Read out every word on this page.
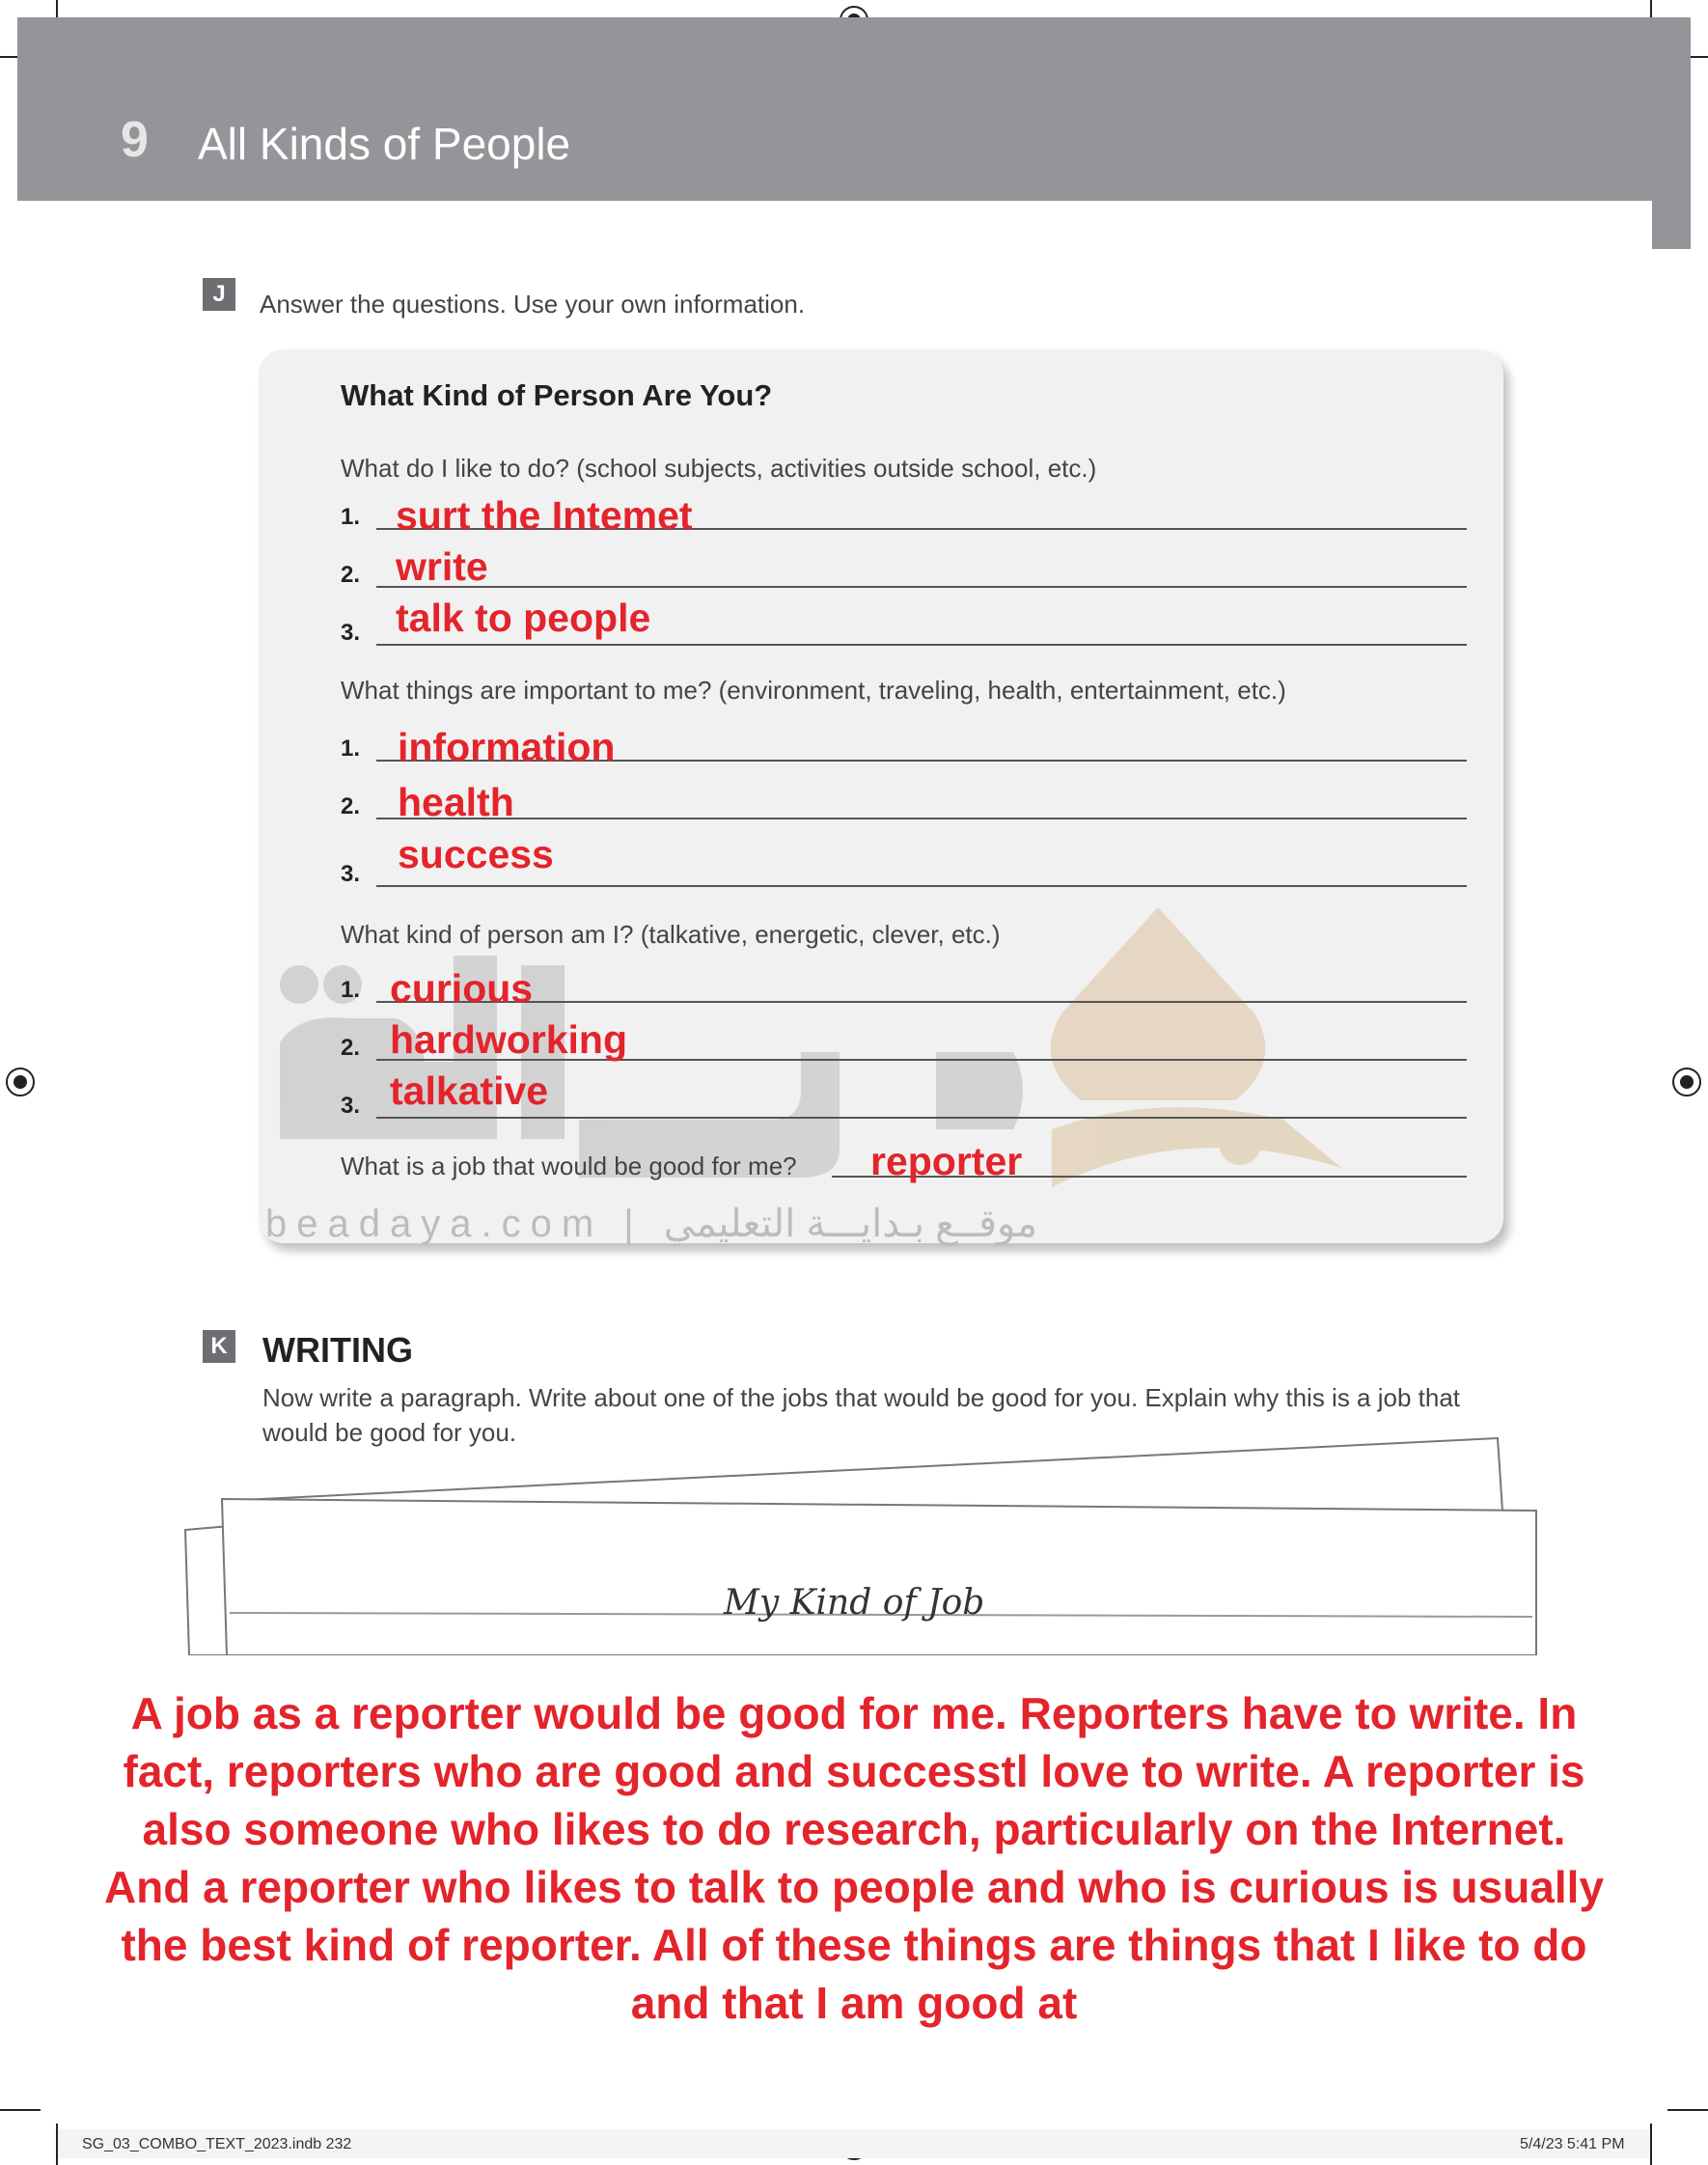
9 All Kinds of People
J	Answer the questions. Use your own information.
What Kind of Person Are You?
beadaya.com | موقــع بـدايـــة التعليمي
What do I like to do? (school subjects, activities outside school, etc.)
1. surt the Intemet
2. write
3. talk to people
What things are important to me? (environment, traveling, health, entertainment, etc.)
1. information
2. health
3. success
What kind of person am I? (talkative, energetic, clever, etc.)
1. curious
2. hardworking
3. talkative
What is a job that would be good for me? reporter
K WRITING
Now write a paragraph. Write about one of the jobs that would be good for you. Explain why this is a job that would be good for you.
My Kind of Job
A job as a reporter would be good for me. Reporters have to write. In fact, reporters who are good and successtl love to write. A reporter is also someone who likes to do research, particularly on the Internet. And a reporter who likes to talk to people and who is curious is usually the best kind of reporter. All of these things are things that I like to do and that I am good at
SG_03_COMBO_TEXT_2023.indb 232	5/4/23 5:41 PM
